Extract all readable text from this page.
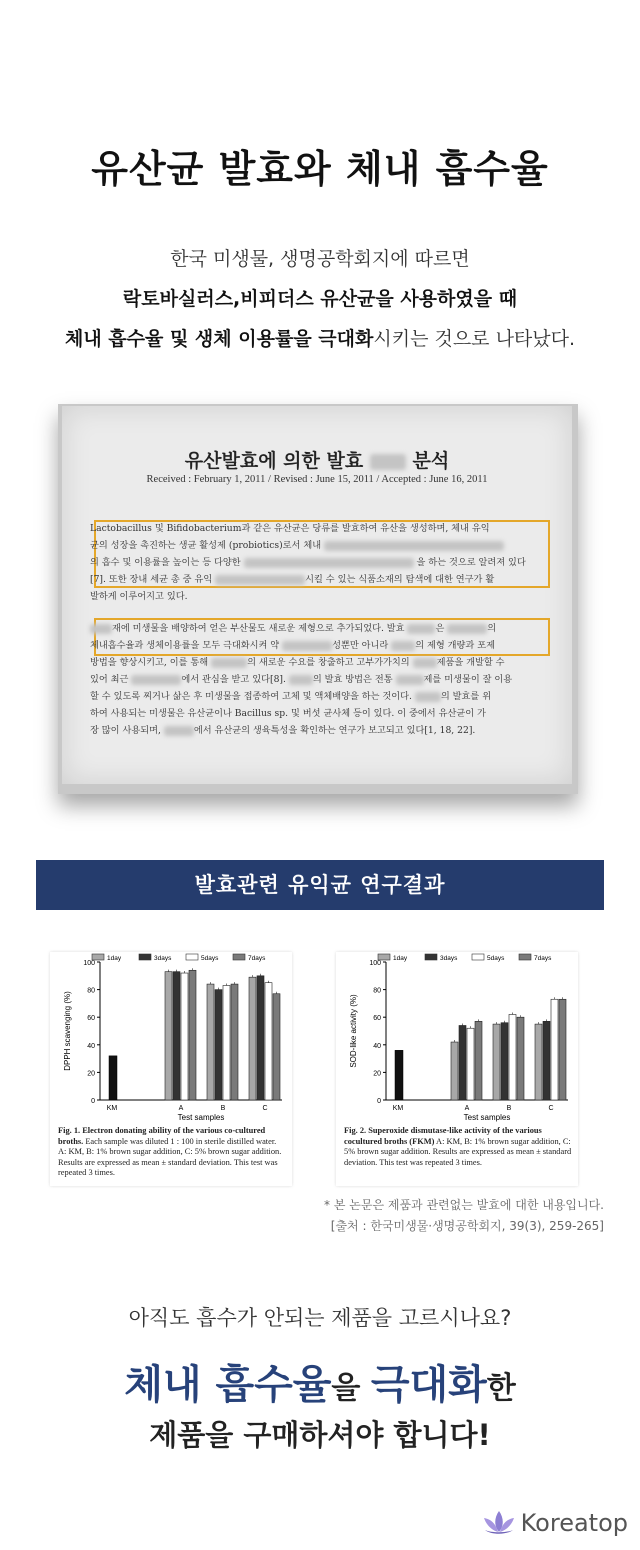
유산균 발효와 체내 흡수율
한국 미생물, 생명공학회지에 따르면
락토바실러스,비피더스 유산균을 사용하였을 때
체내 흡수율 및 생체 이용률을 극대화시키는 것으로 나타났다.
유산발효에 의한 발효	분석
Received : February 1, 2011 / Revised : June 15, 2011 / Accepted : June 16, 2011
Lactobacillus 및 Bifidobacterium과 같은 유산균은 당류를 발효하여 유산을 생성하며, 체내 유익
균의 성장을 촉진하는 생균 활성제 (probiotics)로서 체내
의 흡수 및 이용률을 높이는 등 다양한	을 하는 것으로 알려져 있다
[7]. 또한 장내 세균 총 중 유익	시킬 수 있는 식품소재의 탐색에 대한 연구가 활
발하게 이루어지고 있다.
재에 미생물을 배양하여 얻은 부산물도 새로운 제형으로 추가되었다. 발효	은	의
체내흡수율과 생체이용률을 모두 극대화시켜 약	성뿐만 아니라	의 제형 개량과 포제
방법을 향상시키고, 이를 통해	의 새로운 수요를 창출하고 고부가가치의	제품을 개발할 수
있어 최근	에서 관심을 받고 있다[8].	의 발효 방법은 전통	제를 미생물이 잘 이용
할 수 있도록 찌거나 삶은 후 미생물을 접종하여 고체 및 액체배양을 하는 것이다.	의 발효를 위
하여 사용되는 미생물은 유산균이나 Bacillus sp. 및 버섯 균사체 등이 있다. 이 중에서 유산균이 가
장 많이 사용되며,	에서 유산균의 생육특성을 확인하는 연구가 보고되고 있다[1, 18, 22].
발효관련 유익균 연구결과
0
20
40
60
80
100
DPPH scavenging (%)
Test samples
1day	3days	5days	7days
KM	A	B	C
Fig. 1. Electron donating ability of the various co-cultured broths. Each sample was diluted 1 : 100 in sterile distilled water. A: KM, B: 1% brown sugar addition, C: 5% brown sugar addition. Results are expressed as mean ± standard deviation. This test was repeated 3 times.
0
20
40
60
80
100
SOD-like activity (%)
Test samples
1day	3days	5days	7days
KM	A	B	C
Fig. 2. Superoxide dismutase-like activity of the various cocultured broths (FKM) A: KM, B: 1% brown sugar addition, C: 5% brown sugar addition. Results are expressed as mean ± standard deviation. This test was repeated 3 times.
* 본 논문은 제품과 관련없는 발효에 대한 내용입니다.
[출처 : 한국미생물·생명공학회지, 39(3), 259-265]
아직도 흡수가 안되는 제품을 고르시나요?
체내 흡수율을 극대화한
제품을 구매하셔야 합니다!
Koreatop
